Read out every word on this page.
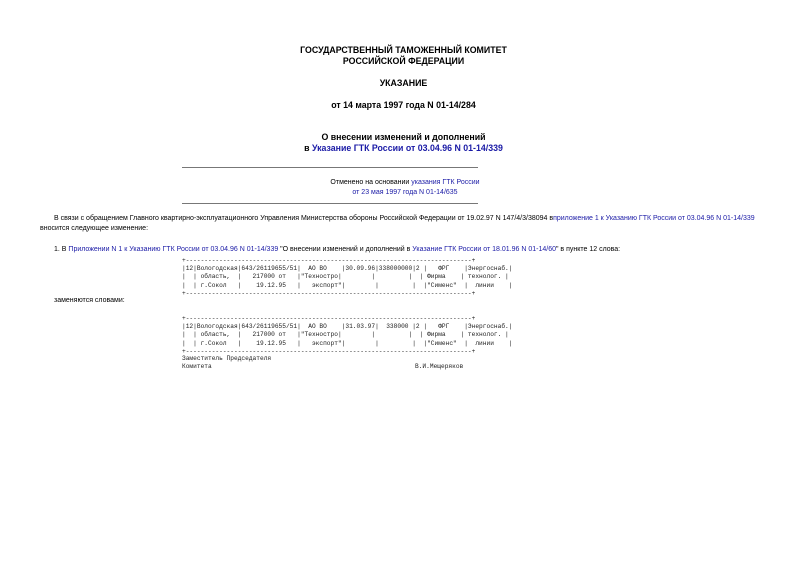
ГОСУДАРСТВЕННЫЙ ТАМОЖЕННЫЙ КОМИТЕТ
РОССИЙСКОЙ ФЕДЕРАЦИИ
УКАЗАНИЕ
от 14 марта 1997 года N 01-14/284
О внесении изменений и дополнений
в Указание ГТК России от 03.04.96 N 01-14/339
Отменено на основании указания ГТК России
от 23 мая 1997 года N 01-14/635
В связи с обращением Главного квартирно-эксплуатационного Управления Министерства обороны Российской Федерации от 19.02.97 N 147/4/3/38094 вприложение 1 к Указанию ГТК России от 03.04.96 N 01-14/339 вносится следующее изменение:
1. В Приложении N 1 к Указанию ГТК России от 03.04.96 N 01-14/339 "О внесении изменений и дополнений в Указание ГТК России от 18.01.96 N 01-14/60" в пункте 12 слова:
+-----------------------------------------------------------------------------+
|12|Вологодская|643/26119655/51|  АО ВО    |30.09.96|338000000|2 |   ФРГ    |Энергоснаб.|
|  | область,  |   217000 от   |"Техностро|        |         |  | Фирма    | технолог. |
|  | г.Сокол   |    19.12.95   |   экспорт"|        |         |  |"Сименс"  |  линии    |
+-----------------------------------------------------------------------------+
заменяются словами:
+-----------------------------------------------------------------------------+
|12|Вологодская|643/26119655/51|  АО ВО    |31.03.97|  338000 |2 |   ФРГ    |Энергоснаб.|
|  | область,  |   217000 от   |"Техностро|        |         |  | Фирма    | технолог. |
|  | г.Сокол   |    19.12.95   |   экспорт"|        |         |  |"Сименс"  |  линии    |
+-----------------------------------------------------------------------------+
Заместитель Председателя
Комитета	В.И.Мещеряков
